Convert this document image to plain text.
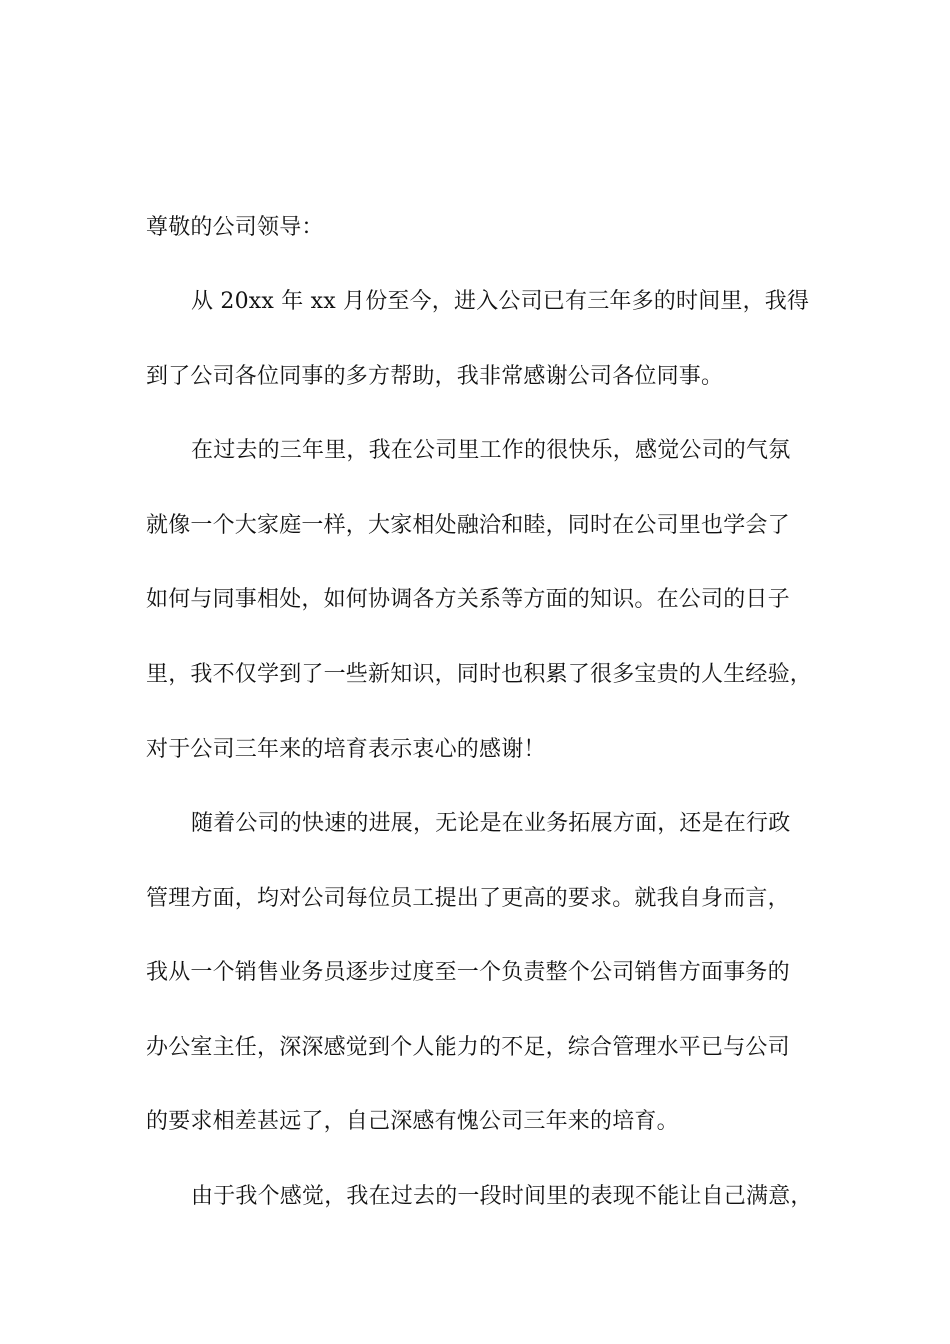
尊敬的公司领导：
从 20xx 年 xx 月份至今，进入公司已有三年多的时间里，我得
到了公司各位同事的多方帮助，我非常感谢公司各位同事。
在过去的三年里，我在公司里工作的很快乐，感觉公司的气氛
就像一个大家庭一样，大家相处融洽和睦，同时在公司里也学会了
如何与同事相处，如何协调各方关系等方面的知识。在公司的日子
里，我不仅学到了一些新知识，同时也积累了很多宝贵的人生经验，
对于公司三年来的培育表示衷心的感谢！
随着公司的快速的进展，无论是在业务拓展方面，还是在行政
管理方面，均对公司每位员工提出了更高的要求。就我自身而言，
我从一个销售业务员逐步过度至一个负责整个公司销售方面事务的
办公室主任，深深感觉到个人能力的不足，综合管理水平已与公司
的要求相差甚远了，自己深感有愧公司三年来的培育。
由于我个感觉，我在过去的一段时间里的表现不能让自己满意，
